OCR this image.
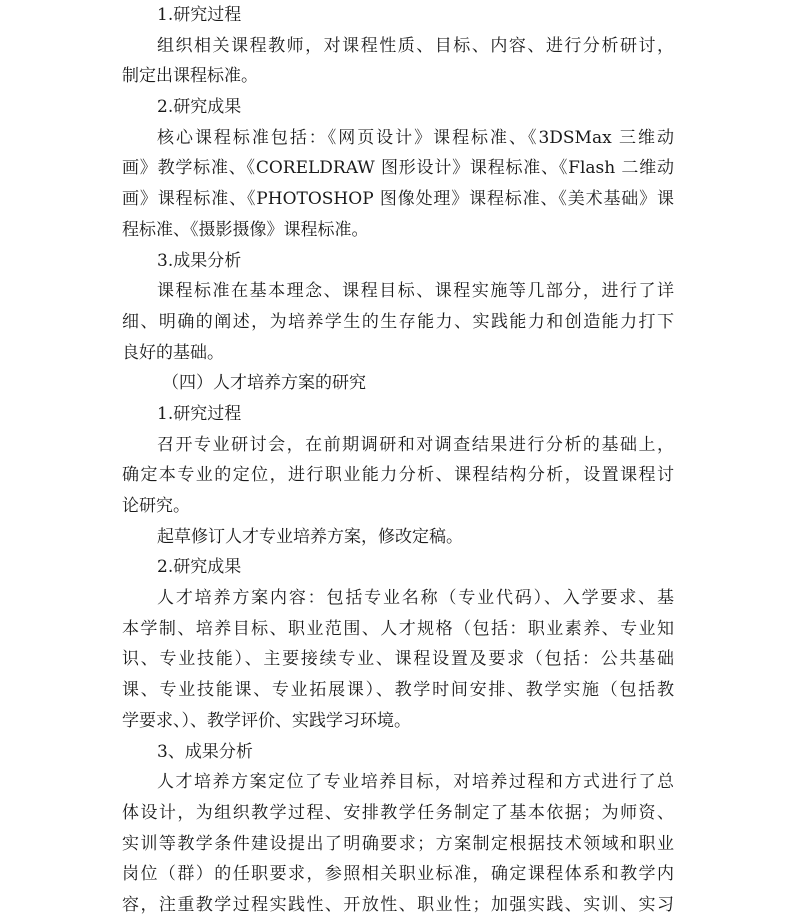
1.研究过程
组织相关课程教师，对课程性质、目标、内容、进行分析研讨，
制定出课程标准。
2.研究成果
核心课程标准包括：《网页设计》课程标准、《3DSMax 三维动
画》教学标准、《CORELDRAW 图形设计》课程标准、《Flash 二维动
画》课程标准、《PHOTOSHOP 图像处理》课程标准、《美术基础》课
程标准、《摄影摄像》课程标准。
3.成果分析
课程标准在基本理念、课程目标、课程实施等几部分，进行了详
细、明确的阐述，为培养学生的生存能力、实践能力和创造能力打下
良好的基础。
（四）人才培养方案的研究
1.研究过程
召开专业研讨会，在前期调研和对调查结果进行分析的基础上，
确定本专业的定位，进行职业能力分析、课程结构分析，设置课程讨
论研究。
起草修订人才专业培养方案，修改定稿。
2.研究成果
人才培养方案内容：包括专业名称（专业代码）、入学要求、基
本学制、培养目标、职业范围、人才规格（包括：职业素养、专业知
识、专业技能）、主要接续专业、课程设置及要求（包括：公共基础
课、专业技能课、专业拓展课）、教学时间安排、教学实施（包括教
学要求、）、教学评价、实践学习环境。
3、成果分析
人才培养方案定位了专业培养目标，对培养过程和方式进行了总
体设计，为组织教学过程、安排教学任务制定了基本依据；为师资、
实训等教学条件建设提出了明确要求；方案制定根据技术领域和职业
岗位（群）的任职要求，参照相关职业标准，确定课程体系和教学内
容，注重教学过程实践性、开放性、职业性；加强实践、实训、实习
